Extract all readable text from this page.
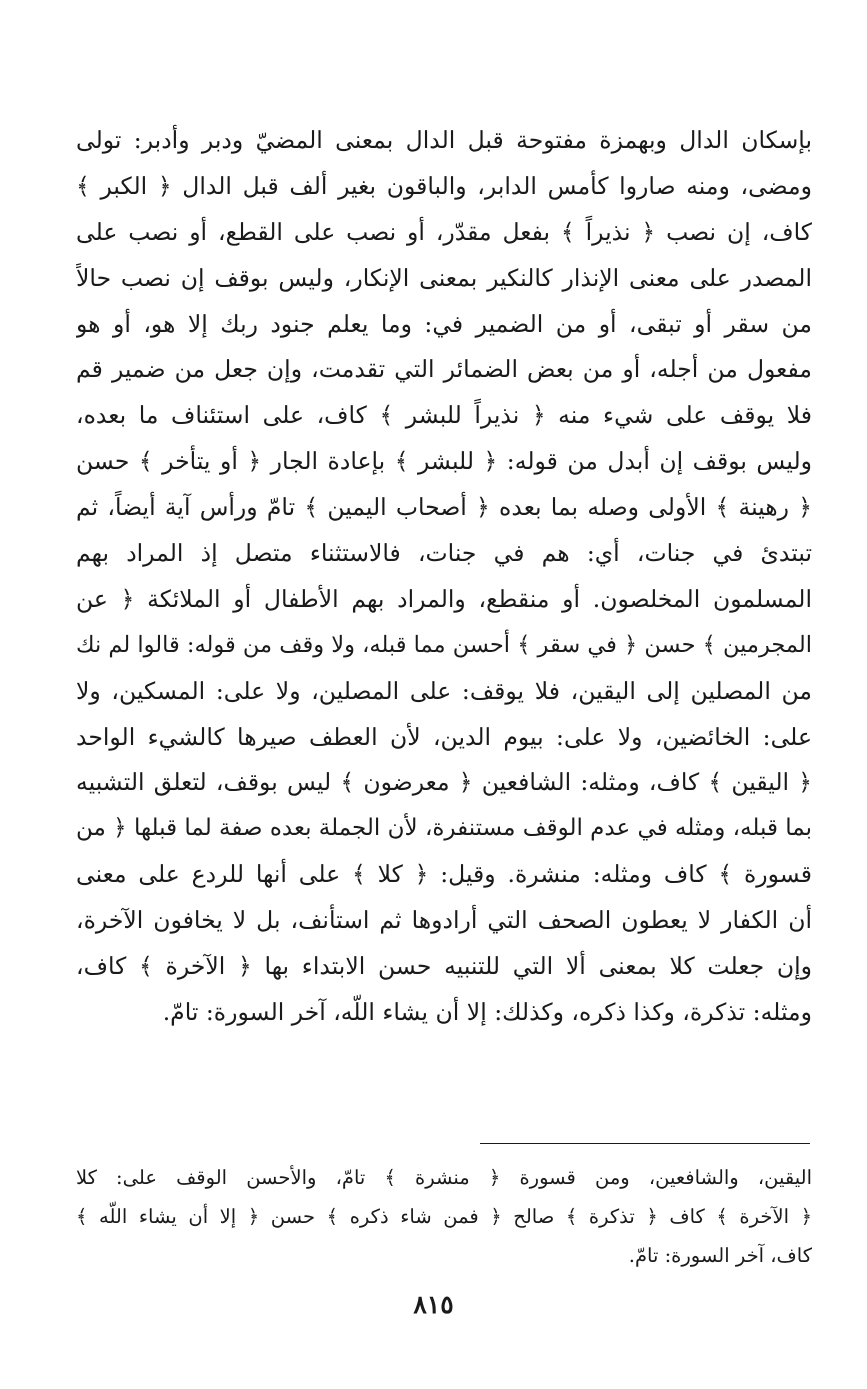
بإسكان الدال وبهمزة مفتوحة قبل الدال بمعنى المضيّ ودبر وأدبر: تولى
ومضى، ومنه صاروا كأمس الدابر، والباقون بغير ألف قبل الدال ﴿ الكبر ﴾
كاف، إن نصب ﴿ نذيراً ﴾ بفعل مقدّر، أو نصب على القطع، أو نصب على
المصدر على معنى الإنذار كالنكير بمعنى الإنكار، وليس بوقف إن نصب حالاً
من سقر أو تبقى، أو من الضمير في: وما يعلم جنود ربك إلا هو، أو هو
مفعول من أجله، أو من بعض الضمائر التي تقدمت، وإن جعل من ضمير قم
فلا يوقف على شيء منه ﴿ نذيراً للبشر ﴾ كاف، على استئناف ما بعده،
وليس بوقف إن أبدل من قوله: ﴿ للبشر ﴾ بإعادة الجار ﴿ أو يتأخر ﴾ حسن
﴿ رهينة ﴾ الأولى وصله بما بعده ﴿ أصحاب اليمين ﴾ تامّ ورأس آية أيضاً، ثم
تبتدئ في جنات، أي: هم في جنات، فالاستثناء متصل إذ المراد بهم
المسلمون المخلصون. أو منقطع، والمراد بهم الأطفال أو الملائكة ﴿ عن
المجرمين ﴾ حسن ﴿ في سقر ﴾ أحسن مما قبله، ولا وقف من قوله: قالوا لم نك
من المصلين إلى اليقين، فلا يوقف: على المصلين، ولا على: المسكين، ولا
على: الخائضين، ولا على: بيوم الدين، لأن العطف صيرها كالشيء الواحد
﴿ اليقين ﴾ كاف، ومثله: الشافعين ﴿ معرضون ﴾ ليس بوقف، لتعلق التشبيه
بما قبله، ومثله في عدم الوقف مستنفرة، لأن الجملة بعده صفة لما قبلها ﴿ من
قسورة ﴾ كاف ومثله: منشرة. وقيل: ﴿ كلا ﴾ على أنها للردع على معنى
أن الكفار لا يعطون الصحف التي أرادوها ثم استأنف، بل لا يخافون الآخرة،
وإن جعلت كلا بمعنى ألا التي للتنبيه حسن الابتداء بها ﴿ الآخرة ﴾ كاف،
ومثله: تذكرة، وكذا ذكره، وكذلك: إلا أن يشاء اللّه، آخر السورة: تامّ.

اليقين، والشافعين، ومن قسورة ﴿ منشرة ﴾ تامّ، والأحسن الوقف على: كلا
﴿ الآخرة ﴾ كاف ﴿ تذكرة ﴾ صالح ﴿ فمن شاء ذكره ﴾ حسن ﴿ إلا أن يشاء اللّه ﴾
كاف، آخر السورة: تامّ.

٨١٥
